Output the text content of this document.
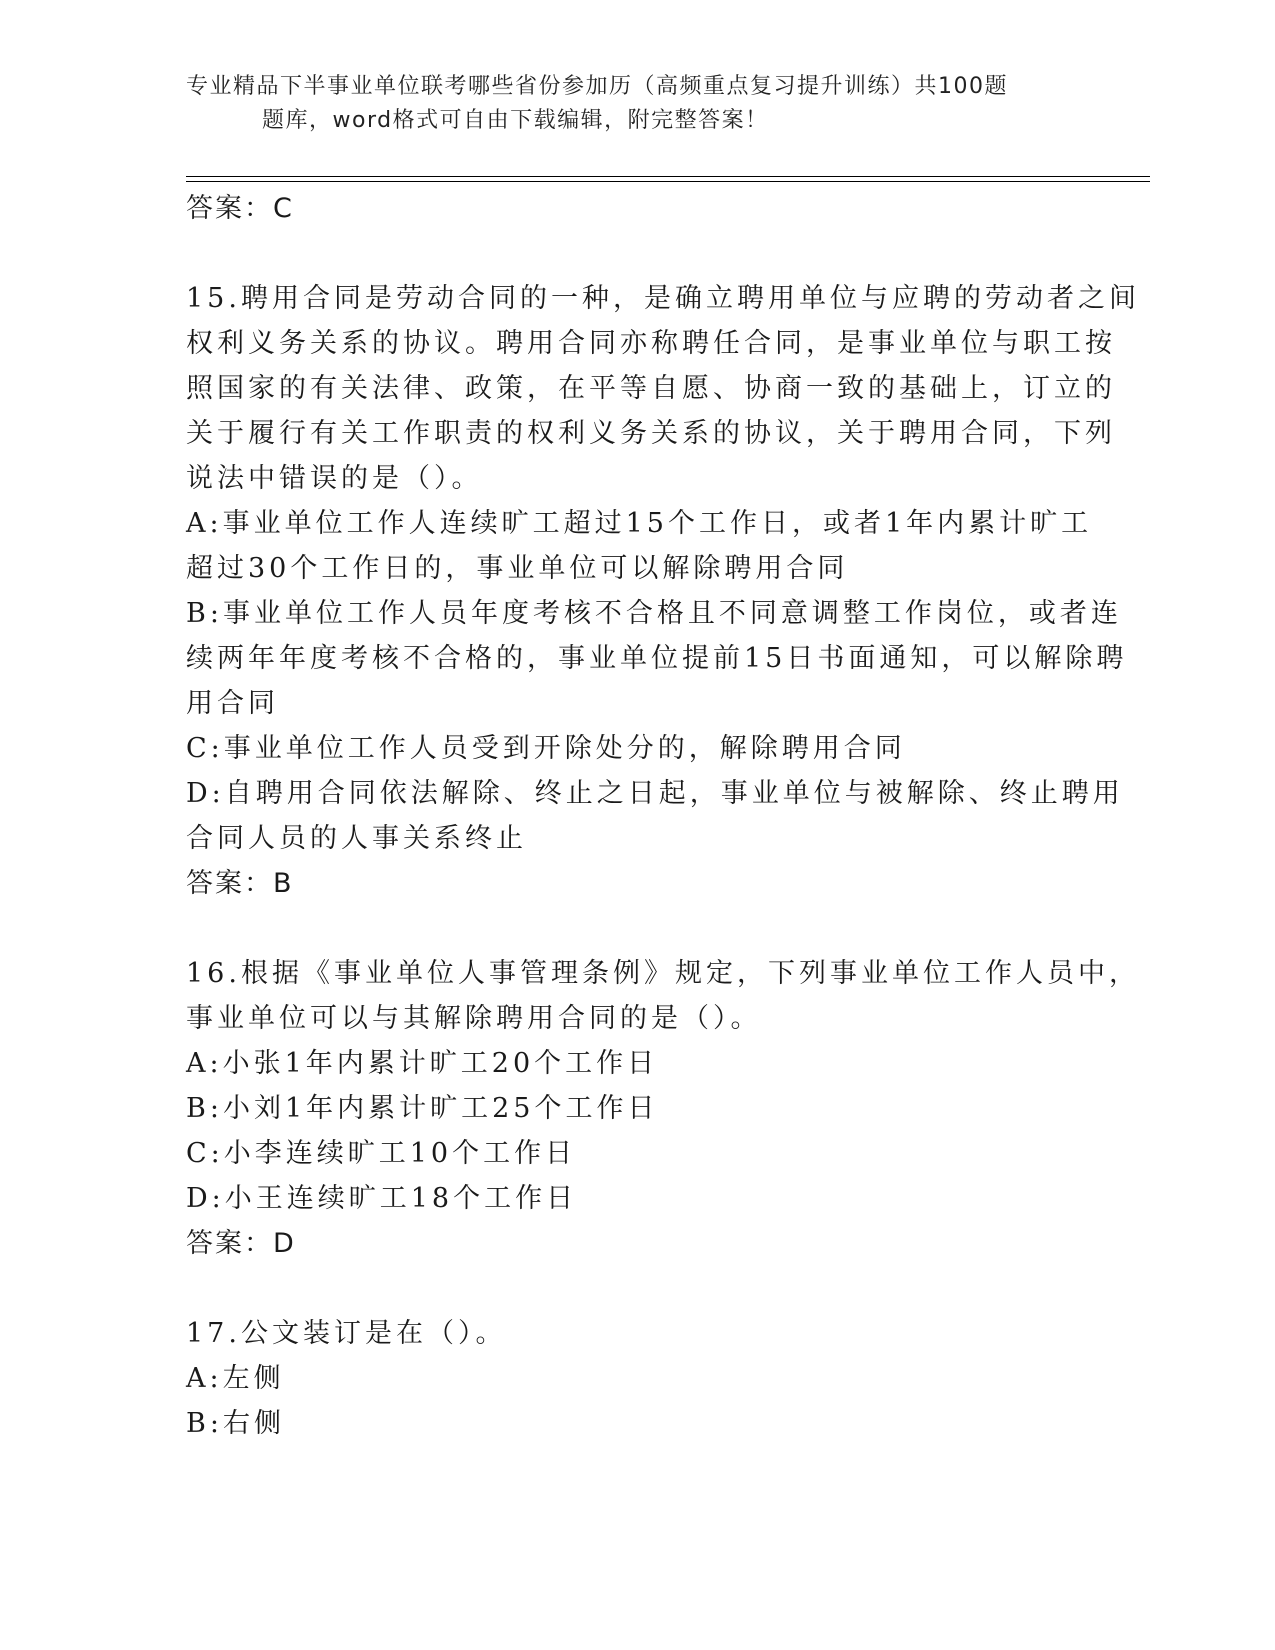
专业精品下半事业单位联考哪些省份参加历（高频重点复习提升训练）共100题
题库，word格式可自由下载编辑，附完整答案！
答案：C
15.聘用合同是劳动合同的一种，是确立聘用单位与应聘的劳动者之间
权利义务关系的协议。聘用合同亦称聘任合同，是事业单位与职工按
照国家的有关法律、政策，在平等自愿、协商一致的基础上，订立的
关于履行有关工作职责的权利义务关系的协议，关于聘用合同，下列
说法中错误的是（）。
A:事业单位工作人连续旷工超过15个工作日，或者1年内累计旷工
超过30个工作日的，事业单位可以解除聘用合同
B:事业单位工作人员年度考核不合格且不同意调整工作岗位，或者连
续两年年度考核不合格的，事业单位提前15日书面通知，可以解除聘
用合同
C:事业单位工作人员受到开除处分的，解除聘用合同
D:自聘用合同依法解除、终止之日起，事业单位与被解除、终止聘用
合同人员的人事关系终止
答案：B
16.根据《事业单位人事管理条例》规定，下列事业单位工作人员中，
事业单位可以与其解除聘用合同的是（）。
A:小张1年内累计旷工20个工作日
B:小刘1年内累计旷工25个工作日
C:小李连续旷工10个工作日
D:小王连续旷工18个工作日
答案：D
17.公文装订是在（）。
A:左侧
B:右侧
